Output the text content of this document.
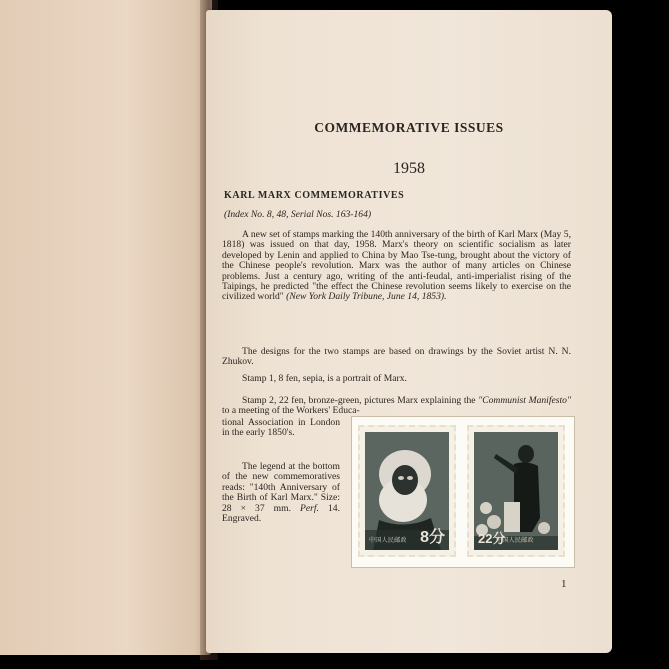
COMMEMORATIVE ISSUES
1958
KARL MARX COMMEMORATIVES
(Index No. 8, 48, Serial Nos. 163-164)
A new set of stamps marking the 140th anniversary of the birth of Karl Marx (May 5, 1818) was issued on that day, 1958. Marx's theory on scientific socialism as later developed by Lenin and applied to China by Mao Tse-tung, brought about the victory of the Chinese people's revolution. Marx was the author of many articles on Chinese problems. Just a century ago, writing of the anti-feudal, anti-imperialist rising of the Taipings, he predicted "the effect the Chinese revolution seems likely to exercise on the civilized world" (New York Daily Tribune, June 14, 1853).
The designs for the two stamps are based on drawings by the Soviet artist N. N. Zhukov.
Stamp 1, 8 fen, sepia, is a portrait of Marx.
Stamp 2, 22 fen, bronze-green, pictures Marx explaining the "Communist Manifesto" to a meeting of the Workers' Educa-
tional Association in London in the early 1850's.
The legend at the bottom of the new commemoratives reads: "140th Anniversary of the Birth of Karl Marx." Size: 28 × 37 mm. Perf. 14. Engraved.
中国人民邮政 8分	22分
中国人民邮政
1
